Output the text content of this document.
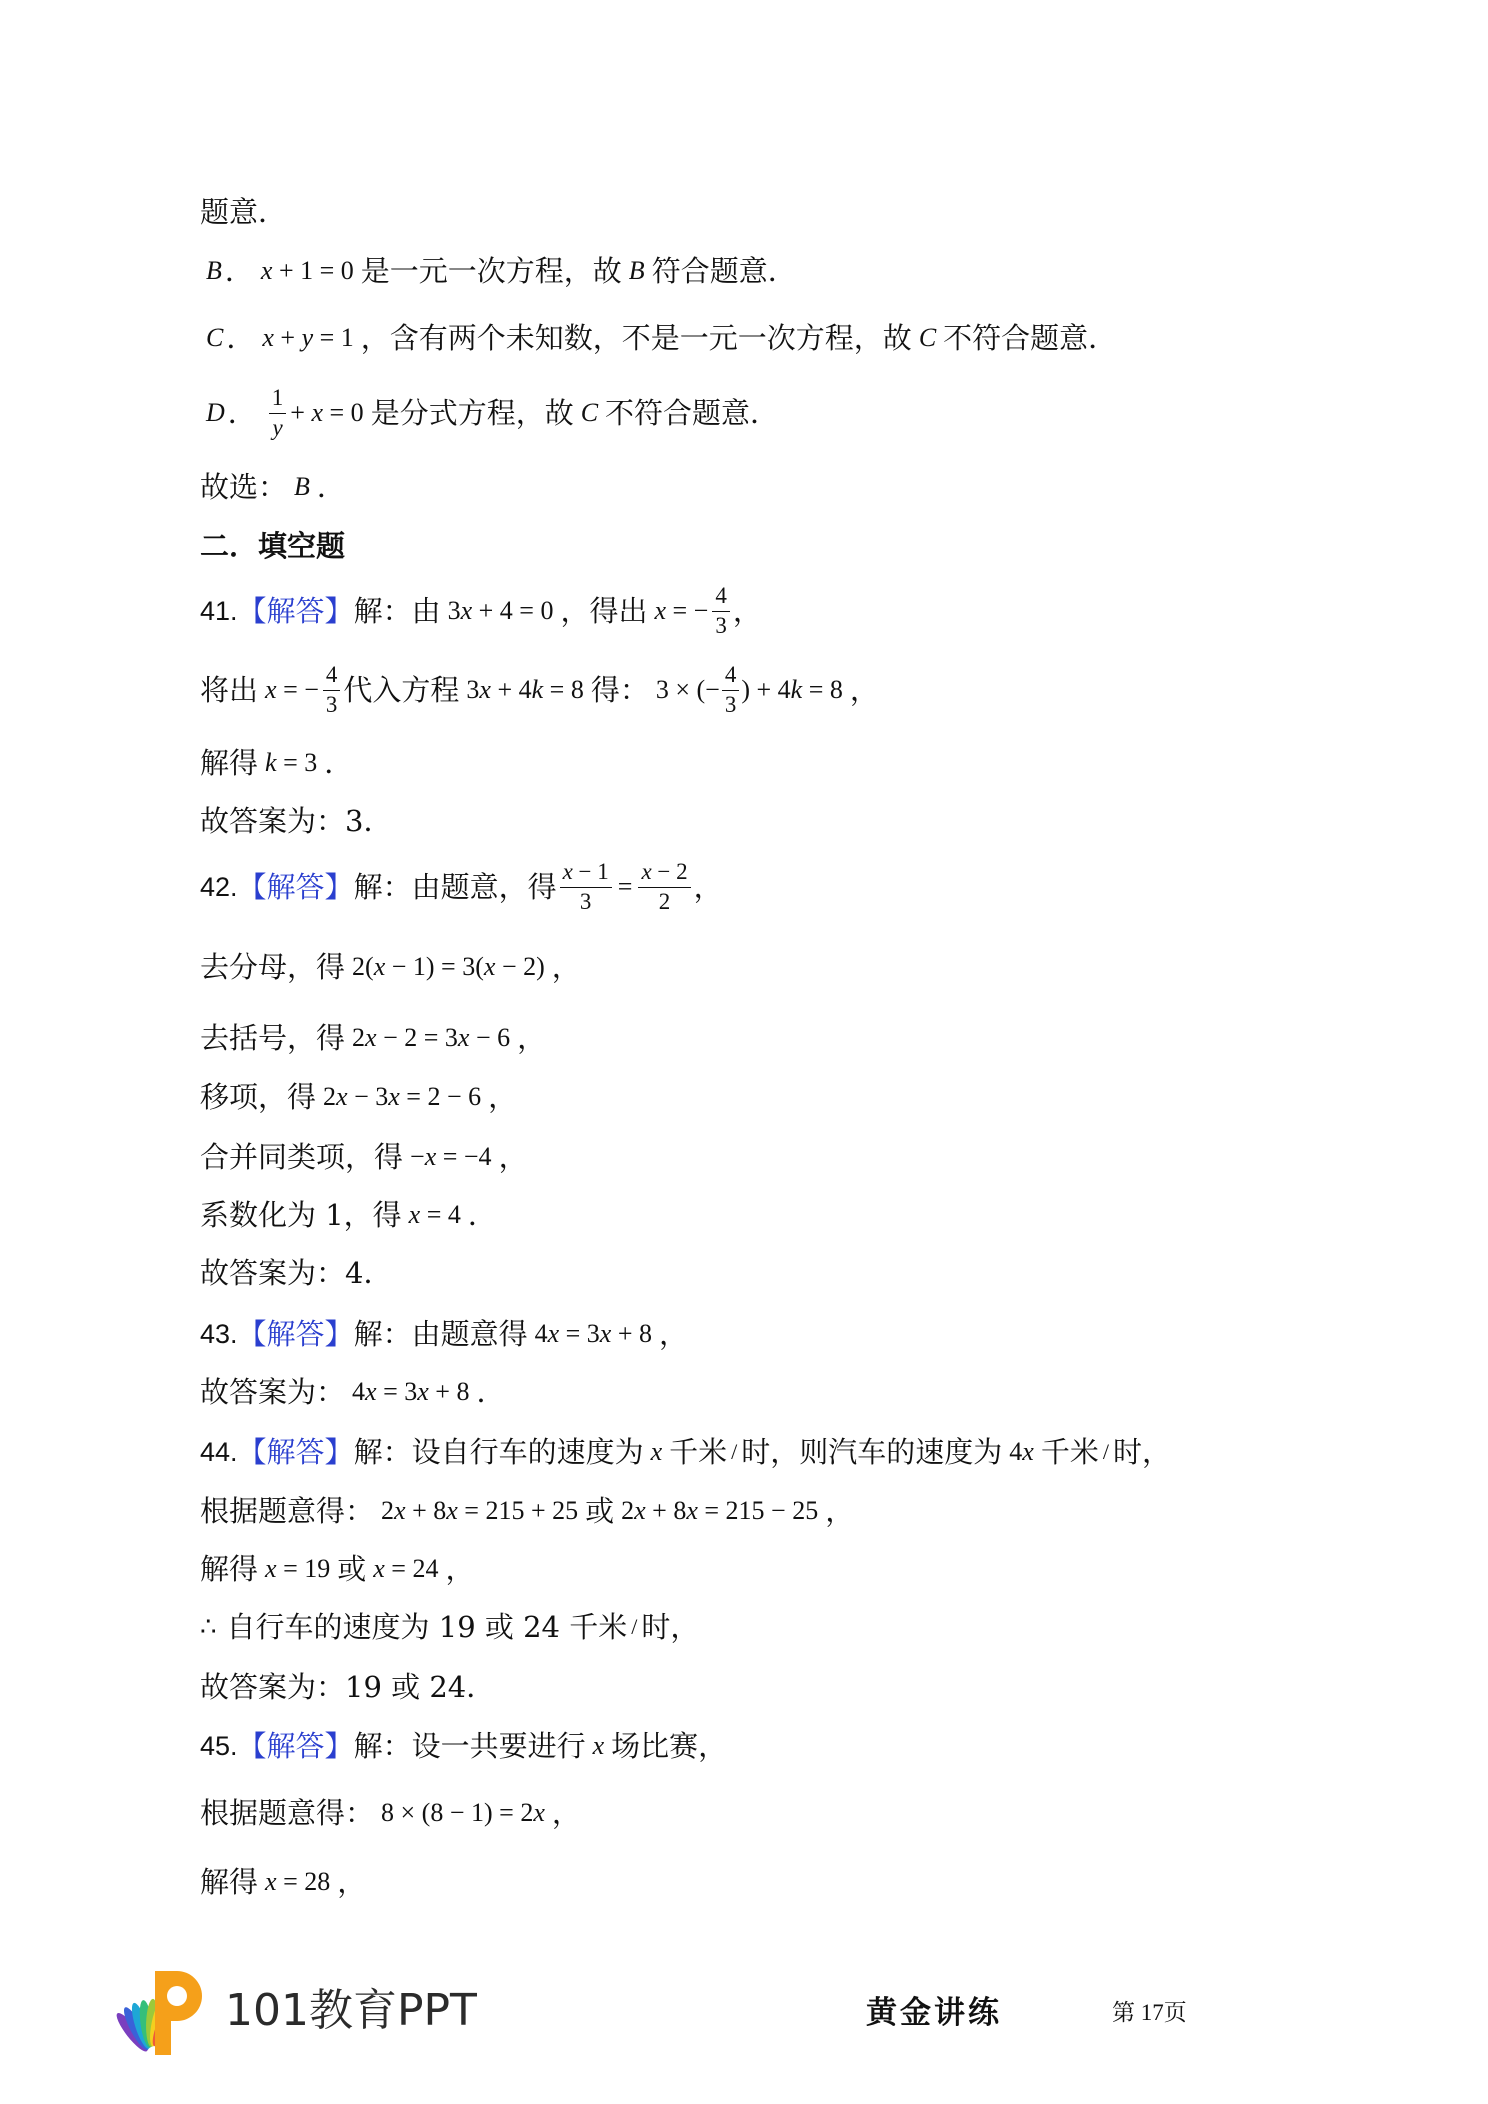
题意．
B ． x + 1 = 0 是一元一次方程，故 B 符合题意．
C ． x + y = 1 ，含有两个未知数，不是一元一次方程，故 C 不符合题意．
D ． $\frac{1}{y} + x = 0$ 是分式方程，故 C 不符合题意．
故选： B ．
二．填空题
41. 【解答】 解：由 3x + 4 = 0 ，得出 x = − $\frac{4}{3}$ ，
将出 x = − $\frac{4}{3}$ 代入方程 3x + 4k = 8 得： 3 × (− $\frac{4}{3}$ ) + 4k = 8 ，
解得 k = 3 ．
故答案为：3．
42. 【解答】 解：由题意，得 $\frac{x - 1}{3} = \frac{x - 2}{2}$ ，
去分母，得 2(x − 1) = 3(x − 2) ，
去括号，得 2x − 2 = 3x − 6 ，
移项，得 2x − 3x = 2 − 6 ，
合并同类项，得 −x = −4 ，
系数化为 1，得 x = 4 ．
故答案为：4．
43. 【解答】 解：由题意得 4x = 3x + 8 ，
故答案为： 4x = 3x + 8 ．
44. 【解答】 解：设自行车的速度为 x 千米 / 时，则汽车的速度为 4x 千米 / 时，
根据题意得： 2x + 8x = 215 + 25 或 2x + 8x = 215 − 25 ，
解得 x = 19 或 x = 24 ，
∴ 自行车的速度为 19 或 24 千米 / 时，
故答案为：19 或 24．
45. 【解答】 解：设一共要进行 x 场比赛，
根据题意得： 8 × (8 − 1) = 2x ，
解得 x = 28 ，
101教育PPT	黄金讲练	第 17页
